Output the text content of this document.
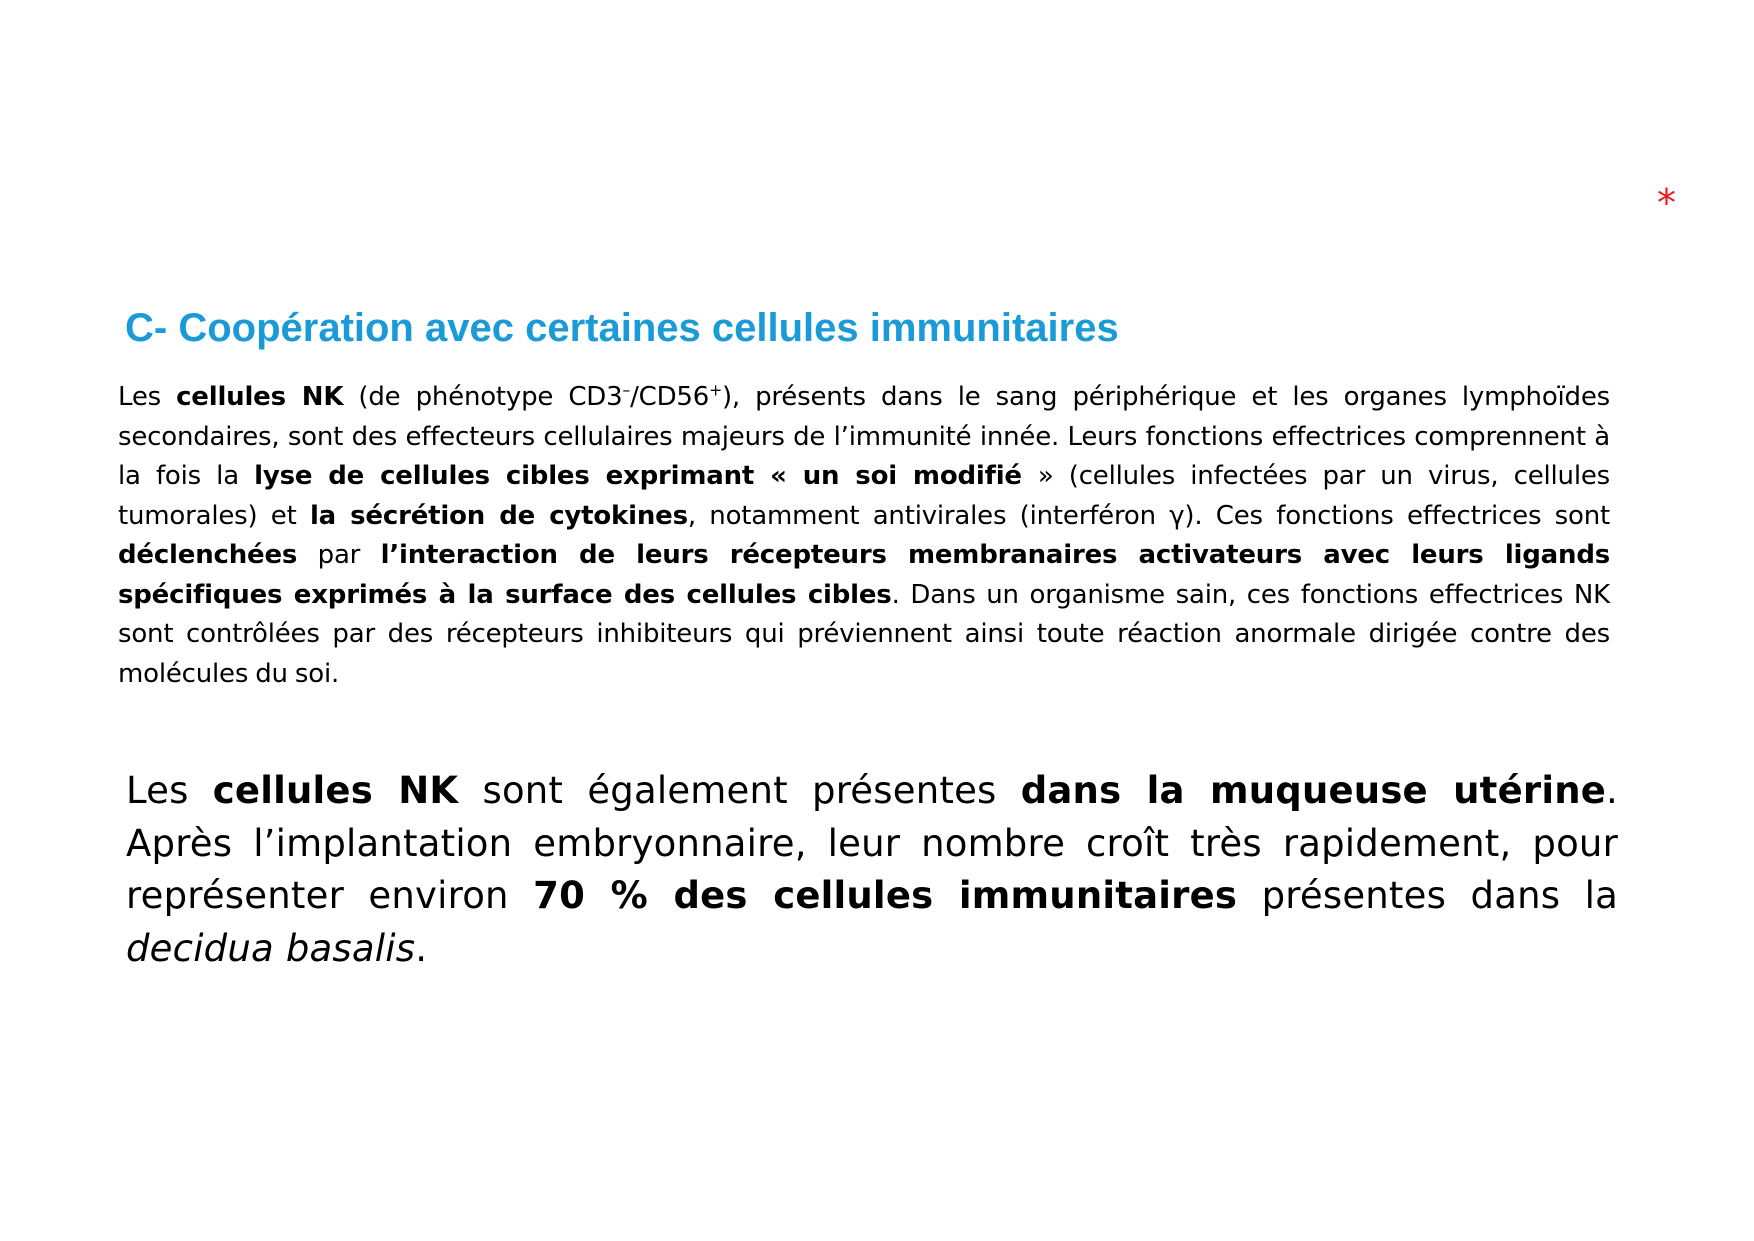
*
C- Coopération avec certaines cellules immunitaires

Les cellules NK (de phénotype CD3–/CD56+), présents dans le sang périphérique et les organes lymphoïdes secondaires, sont des effecteurs cellulaires majeurs de l’immunité innée. Leurs fonctions effectrices comprennent à la fois la lyse de cellules cibles exprimant « un soi modifié » (cellules infectées par un virus, cellules tumorales) et la sécrétion de cytokines, notamment antivirales (interféron γ). Ces fonctions effectrices sont déclenchées par l’interaction de leurs récepteurs membranaires activateurs avec leurs ligands spécifiques exprimés à la surface des cellules cibles. Dans un organisme sain, ces fonctions effectrices NK sont contrôlées par des récepteurs inhibiteurs qui préviennent ainsi toute réaction anormale dirigée contre des molécules du soi.

Les cellules NK sont également présentes dans la muqueuse utérine. Après l’implantation embryonnaire, leur nombre croît très rapidement, pour représenter environ 70 % des cellules immunitaires présentes dans la decidua basalis.
